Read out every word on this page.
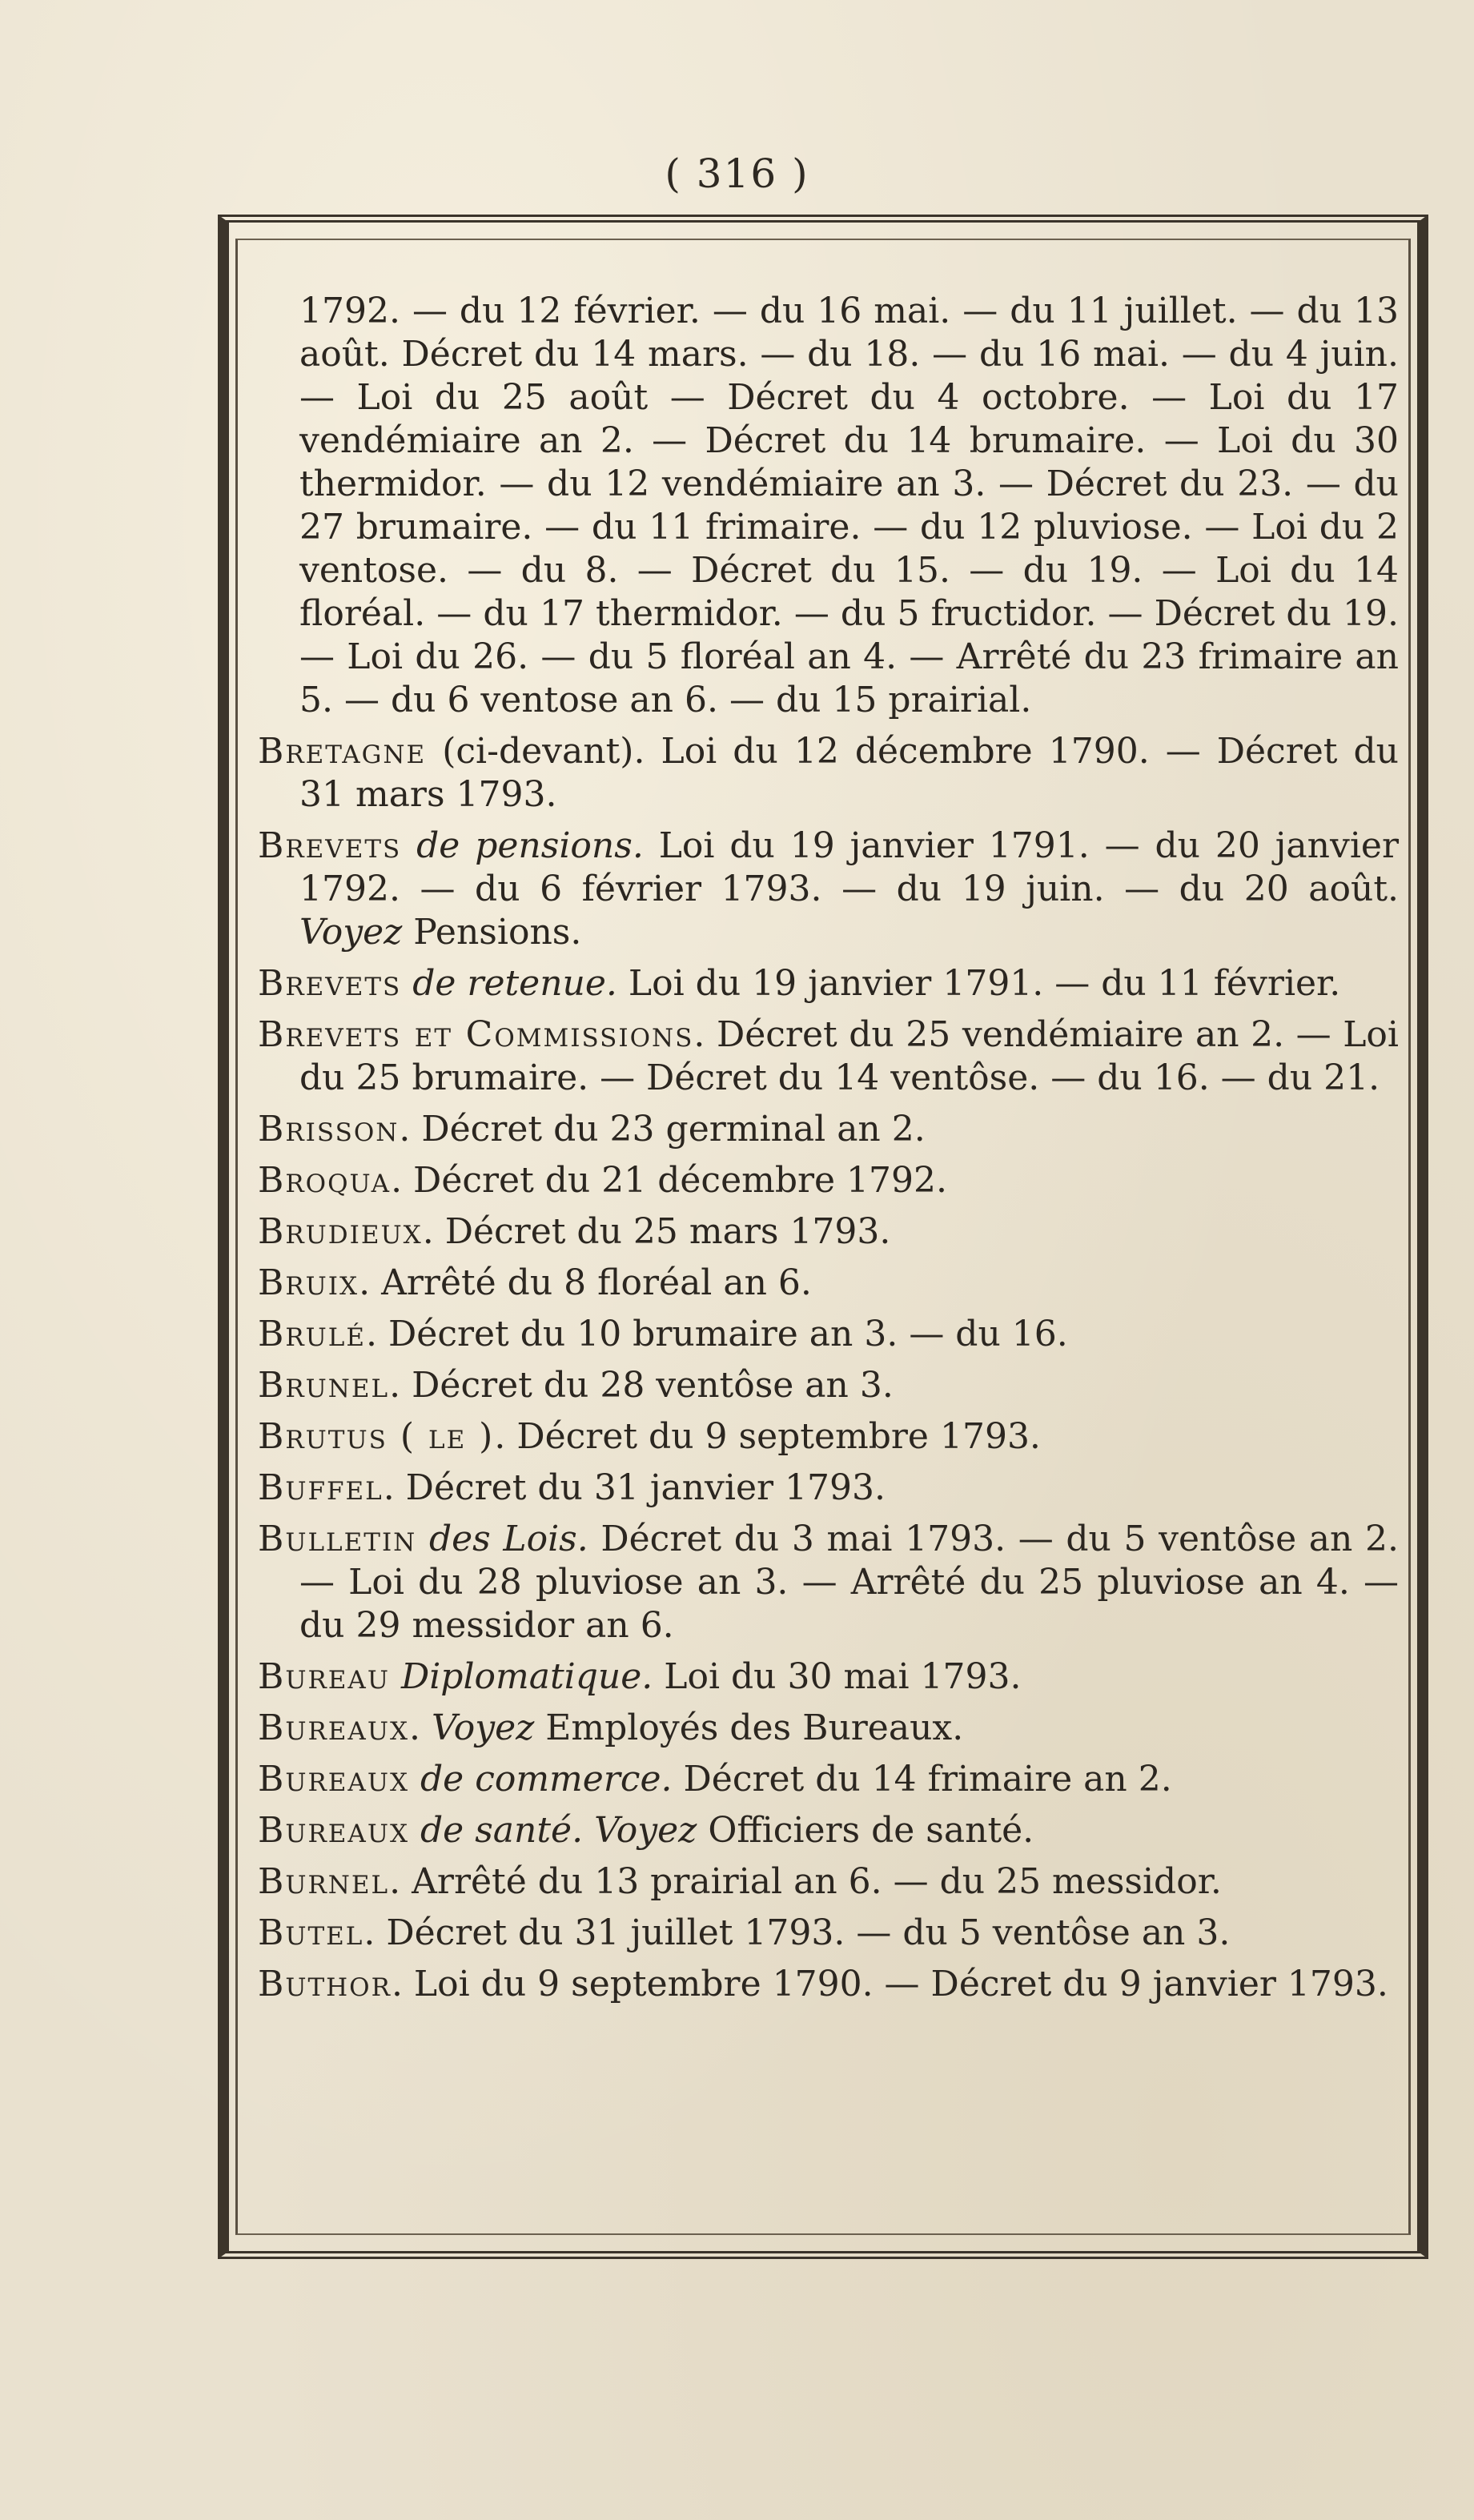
( 316 )

1792. — du 12 février. — du 16 mai. — du 11 juillet. — du 13 août. Décret du 14 mars. — du 18. — du 16 mai. — du 4 juin. — Loi du 25 août — Décret du 4 octobre. — Loi du 17 vendémiaire an 2. — Décret du 14 brumaire. — Loi du 30 thermidor. — du 12 vendémiaire an 3. — Décret du 23. — du 27 brumaire. — du 11 frimaire. — du 12 pluviose. — Loi du 2 ventose. — du 8. — Décret du 15. — du 19. — Loi du 14 floréal. — du 17 thermidor. — du 5 fructidor. — Décret du 19. — Loi du 26. — du 5 floréal an 4. — Arrêté du 23 frimaire an 5. — du 6 ventose an 6. — du 15 prairial.

Bretagne (ci-devant). Loi du 12 décembre 1790. — Décret du 31 mars 1793.

Brevets de pensions. Loi du 19 janvier 1791. — du 20 janvier 1792. — du 6 février 1793. — du 19 juin. — du 20 août. Voyez Pensions.

Brevets de retenue. Loi du 19 janvier 1791. — du 11 février.

Brevets et Commissions. Décret du 25 vendémiaire an 2. — Loi du 25 brumaire. — Décret du 14 ventôse. — du 16. — du 21.

Brisson. Décret du 23 germinal an 2.

Broqua. Décret du 21 décembre 1792.

Brudieux. Décret du 25 mars 1793.

Bruix. Arrêté du 8 floréal an 6.

Brulé. Décret du 10 brumaire an 3. — du 16.

Brunel. Décret du 28 ventôse an 3.

Brutus ( le ). Décret du 9 septembre 1793.

Buffel. Décret du 31 janvier 1793.

Bulletin des Lois. Décret du 3 mai 1793. — du 5 ventôse an 2. — Loi du 28 pluviose an 3. — Arrêté du 25 pluviose an 4. — du 29 messidor an 6.

Bureau Diplomatique. Loi du 30 mai 1793.

Bureaux. Voyez Employés des Bureaux.

Bureaux de commerce. Décret du 14 frimaire an 2.

Bureaux de santé. Voyez Officiers de santé.

Burnel. Arrêté du 13 prairial an 6. — du 25 messidor.

Butel. Décret du 31 juillet 1793. — du 5 ventôse an 3.

Buthor. Loi du 9 septembre 1790. — Décret du 9 janvier 1793.
